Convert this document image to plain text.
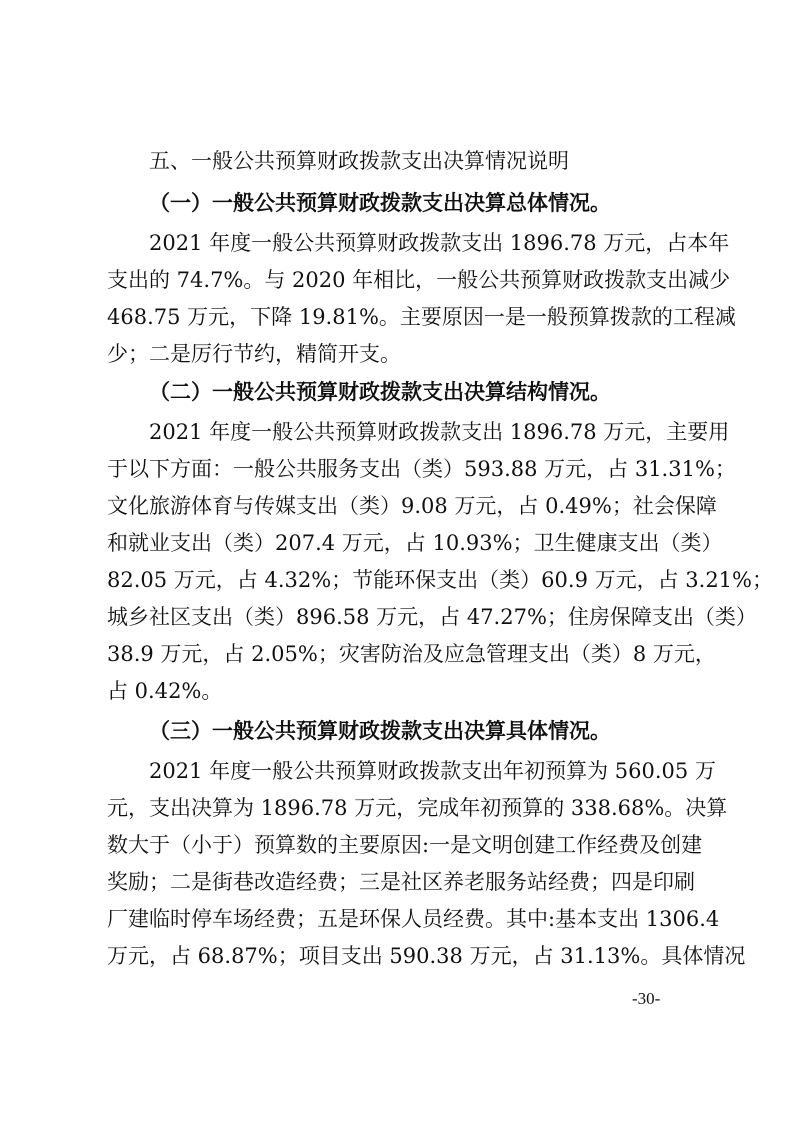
五、一般公共预算财政拨款支出决算情况说明
（一）一般公共预算财政拨款支出决算总体情况。
2021 年度一般公共预算财政拨款支出 1896.78 万元，占本年
支出的 74.7%。与 2020 年相比，一般公共预算财政拨款支出减少
468.75 万元，下降 19.81%。主要原因一是一般预算拨款的工程减
少；二是厉行节约，精简开支。
（二）一般公共预算财政拨款支出决算结构情况。
2021 年度一般公共预算财政拨款支出 1896.78 万元，主要用
于以下方面：一般公共服务支出（类）593.88 万元，占 31.31%；
文化旅游体育与传媒支出（类）9.08 万元，占 0.49%；社会保障
和就业支出（类）207.4 万元，占 10.93%；卫生健康支出（类）
82.05 万元，占 4.32%；节能环保支出（类）60.9 万元，占 3.21%；
城乡社区支出（类）896.58 万元，占 47.27%；住房保障支出（类）
38.9 万元，占 2.05%；灾害防治及应急管理支出（类）8 万元，
占 0.42%。
（三）一般公共预算财政拨款支出决算具体情况。
2021 年度一般公共预算财政拨款支出年初预算为 560.05 万
元，支出决算为 1896.78 万元，完成年初预算的 338.68%。决算
数大于（小于）预算数的主要原因:一是文明创建工作经费及创建
奖励；二是街巷改造经费；三是社区养老服务站经费；四是印刷
厂建临时停车场经费；五是环保人员经费。其中:基本支出 1306.4
万元，占 68.87%；项目支出 590.38 万元，占 31.13%。具体情况
-30-
